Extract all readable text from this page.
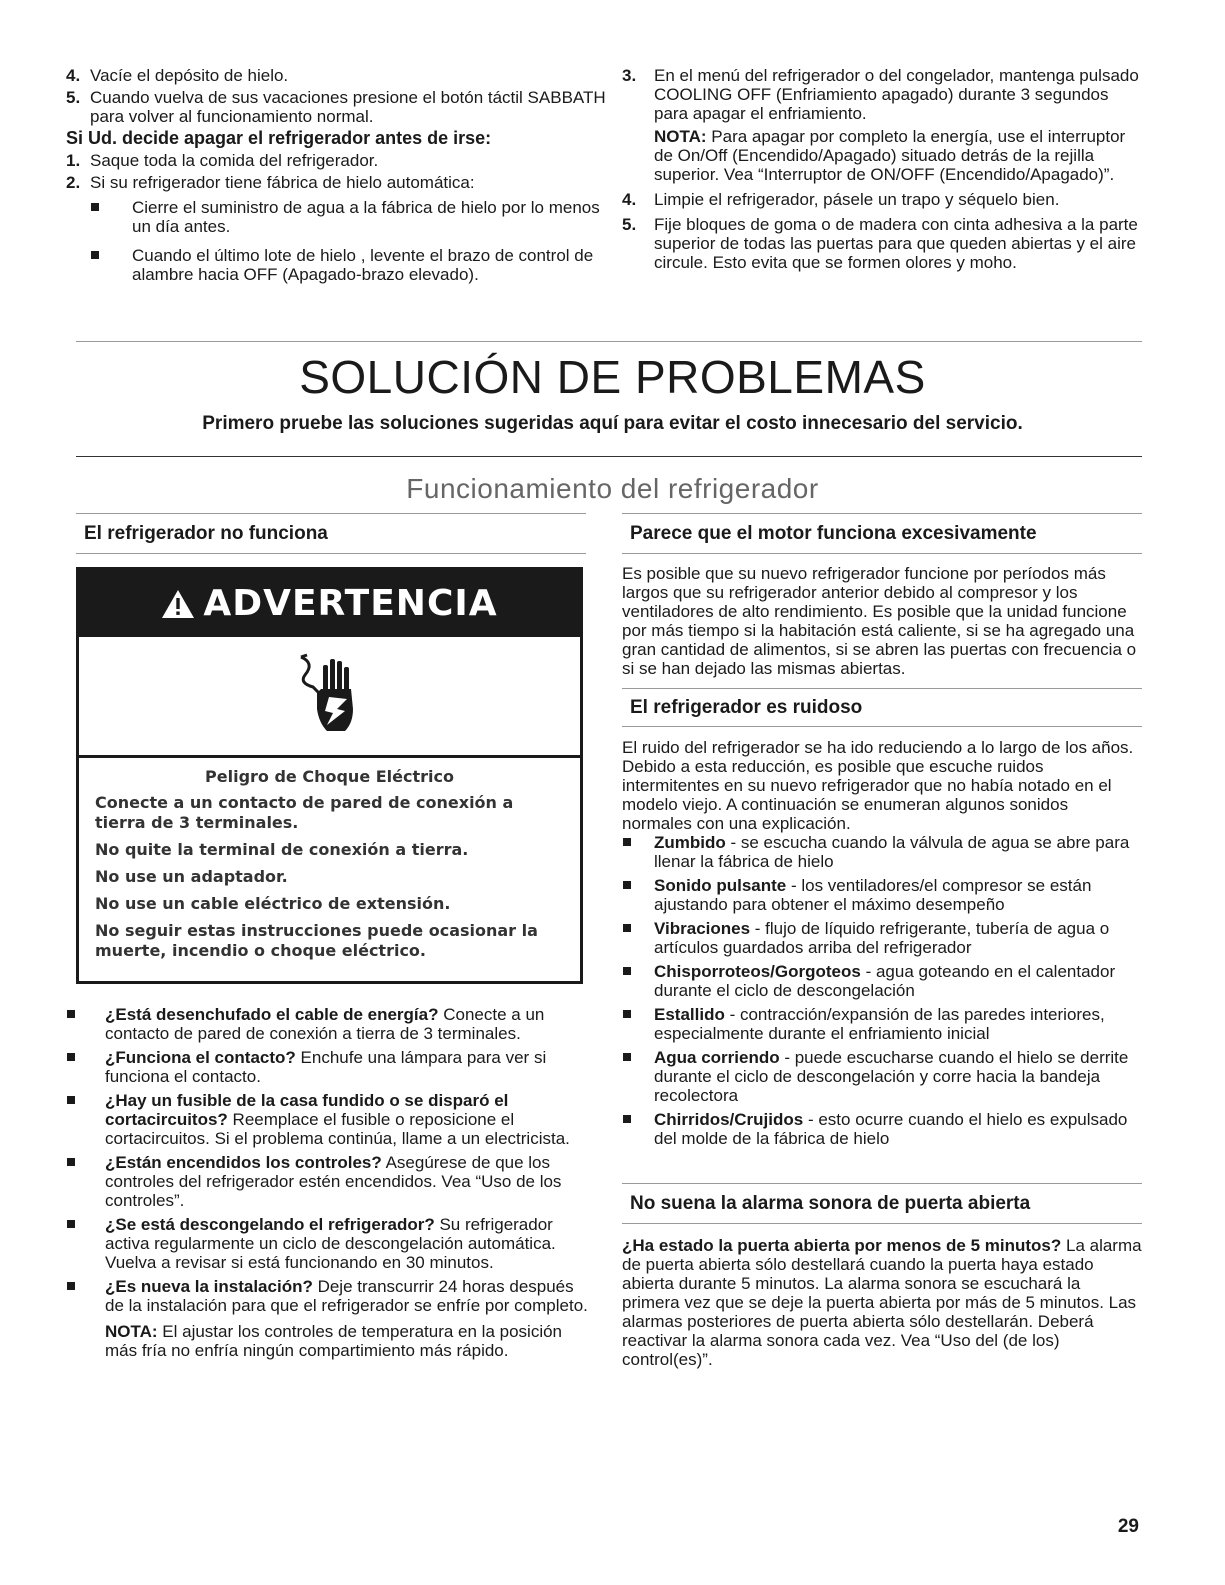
4. Vacíe el depósito de hielo.
5. Cuando vuelva de sus vacaciones presione el botón táctil SABBATH para volver al funcionamiento normal.
Si Ud. decide apagar el refrigerador antes de irse:
1. Saque toda la comida del refrigerador.
2. Si su refrigerador tiene fábrica de hielo automática:
Cierre el suministro de agua a la fábrica de hielo por lo menos un día antes.
Cuando el último lote de hielo , levente el brazo de control de alambre hacia OFF (Apagado-brazo elevado).
3. En el menú del refrigerador o del congelador, mantenga pulsado COOLING OFF (Enfriamiento apagado) durante 3 segundos para apagar el enfriamiento.
NOTA: Para apagar por completo la energía, use el interruptor de On/Off (Encendido/Apagado) situado detrás de la rejilla superior. Vea “Interruptor de ON/OFF (Encendido/Apagado)”.
4. Limpie el refrigerador, pásele un trapo y séquelo bien.
5. Fije bloques de goma o de madera con cinta adhesiva a la parte superior de todas las puertas para que queden abiertas y el aire circule. Esto evita que se formen olores y moho.
SOLUCIÓN DE PROBLEMAS
Primero pruebe las soluciones sugeridas aquí para evitar el costo innecesario del servicio.
Funcionamiento del refrigerador
El refrigerador no funciona
ADVERTENCIA
Peligro de Choque Eléctrico

Conecte a un contacto de pared de conexión a tierra de 3 terminales.

No quite la terminal de conexión a tierra.

No use un adaptador.

No use un cable eléctrico de extensión.

No seguir estas instrucciones puede ocasionar la muerte, incendio o choque eléctrico.

¿Está desenchufado el cable de energía? Conecte a un contacto de pared de conexión a tierra de 3 terminales.
¿Funciona el contacto? Enchufe una lámpara para ver si funciona el contacto.
¿Hay un fusible de la casa fundido o se disparó el cortacircuitos? Reemplace el fusible o reposicione el cortacircuitos. Si el problema continúa, llame a un electricista.
¿Están encendidos los controles? Asegúrese de que los controles del refrigerador estén encendidos. Vea “Uso de los controles”.
¿Se está descongelando el refrigerador? Su refrigerador activa regularmente un ciclo de descongelación automática. Vuelva a revisar si está funcionando en 30 minutos.
¿Es nueva la instalación? Deje transcurrir 24 horas después de la instalación para que el refrigerador se enfríe por completo.
NOTA: El ajustar los controles de temperatura en la posición más fría no enfría ningún compartimiento más rápido.
Parece que el motor funciona excesivamente

Es posible que su nuevo refrigerador funcione por períodos más largos que su refrigerador anterior debido al compresor y los ventiladores de alto rendimiento. Es posible que la unidad funcione por más tiempo si la habitación está caliente, si se ha agregado una gran cantidad de alimentos, si se abren las puertas con frecuencia o si se han dejado las mismas abiertas.

El refrigerador es ruidoso

El ruido del refrigerador se ha ido reduciendo a lo largo de los años. Debido a esta reducción, es posible que escuche ruidos intermitentes en su nuevo refrigerador que no había notado en el modelo viejo. A continuación se enumeran algunos sonidos normales con una explicación.

Zumbido - se escucha cuando la válvula de agua se abre para llenar la fábrica de hielo
Sonido pulsante - los ventiladores/el compresor se están ajustando para obtener el máximo desempeño
Vibraciones - flujo de líquido refrigerante, tubería de agua o artículos guardados arriba del refrigerador
Chisporroteos/Gorgoteos - agua goteando en el calentador durante el ciclo de descongelación
Estallido - contracción/expansión de las paredes interiores, especialmente durante el enfriamiento inicial
Agua corriendo - puede escucharse cuando el hielo se derrite durante el ciclo de descongelación y corre hacia la bandeja recolectora
Chirridos/Crujidos - esto ocurre cuando el hielo es expulsado del molde de la fábrica de hielo
No suena la alarma sonora de puerta abierta

¿Ha estado la puerta abierta por menos de 5 minutos? La alarma de puerta abierta sólo destellará cuando la puerta haya estado abierta durante 5 minutos. La alarma sonora se escuchará la primera vez que se deje la puerta abierta por más de 5 minutos. Las alarmas posteriores de puerta abierta sólo destellarán. Deberá reactivar la alarma sonora cada vez. Vea “Uso del (de los) control(es)”.

29
